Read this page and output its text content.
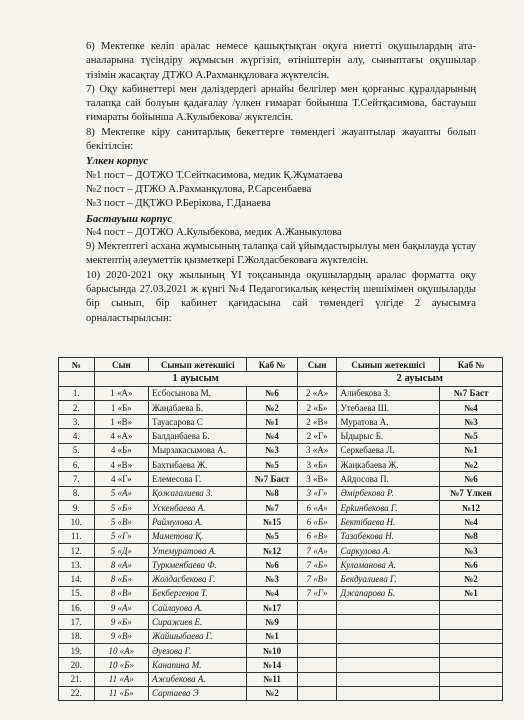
6) Мектепке келіп аралас немесе қашықтықтан оқуға ниетті оқушылардың ата-аналарына түсіндіру жұмысын жүргізіп, өтініштерін алу, сыныптағы оқушылар тізімін жасақтау ДТЖО А.Рахманқұловаға жүктелсін.

7) Оқу кабинеттері мен дәліздердегі арнайы белгілер мен қорғаныс құралдарының талапқа сай болуын қадағалау /үлкен ғимарат бойынша Т.Сейтқасимова, бастауыш ғимараты бойынша А.Кулыбекова/ жүктелсін.

8) Мектепке кіру санитарлық бекеттерге төмендегі жауаптылар жауапты болып бекітілсін:

Үлкен корпус

№1 пост – ДОТЖО Т.Сейткасимова, медик Қ.Жұматаева

№2 пост – ДТЖО А.Рахманқұлова, Р.Сарсенбаева

№3 пост – ДҚТЖО Р.Берікова, Г.Данаева

Бастауыш корпус

№4 пост – ДОТЖО А.Кулыбекова, медик А.Жаныкулова

9) Мектептегі асхана жұмысының талапқа сай ұйымдастырылуы мен бақылауда ұстау мектептің әлеуметтік қызметкері Г.Жолдасбековаға жүктелсін.

10) 2020-2021 оқу жылының YI тоқсанында оқушылардың аралас форматта оқу барысында 27.03.2021 ж күнгі №4 Педагогикалық кеңестің шешімімен оқушыларды бір сынып, бір кабинет қағидасына сай төмендегі үлгіде 2 ауысымға орналастырылсын:

№	Сын	Сынып жетекшісі	Каб №	Сын	Сынып жетекшісі	Каб №
	1 ауысым				2 ауысым	
1.	1 «А»	Есбосынова М.	№6	2 «А»	Алибекова З.	№7 Баст
2.	1 «Б»	Жаңабаева Б.	№2	2 «Б»	Утебаева Ш.	№4
3.	1 «В»	Тауасарова С	№1	2 «В»	Муратова А.	№3
4.	4 «А»	Балданбаева Б.	№4	2 «Г»	Ыдырыс Б.	№5
5.	4 «Б»	Мырзакасымова А.	№3	3 «А»	Серкебаева Л.	№1
6.	4 «В»	Бахтибаева Ж.	№5	3 «Б»	Жаңкабаева Ж.	№2
7.	4 «Г»	Елемесова Г.	№7 Баст	3 «В»	Айдосова П.	№6
8.	5 «А»	Қожағалиева З.	№8	3 «Г»	Әмірбекова Р.	№7 Үлкен
9.	5 «Б»	Ускенбаева А.	№7	6 «А»	Ерkинбекова Г.	№12
10.	5 «В»	Раймулова А.	№15	6 «Б»	Бектібаева Н.	№4
11.	5 «Г»	Маметова Қ.	№5	6 «В»	Тазабекова Н.	№8
12.	5 «Д»	Утемуратова А.	№12	7 «А»	Саркулова А.	№3
13.	8 «А»	Туркменбаева Ф.	№6	7 «Б»	Куламанова А.	№6
14.	8 «Б»	Жолдасбекова Г.	№3	7 «В»	Бекдуалиева Г.	№2
15.	8 «В»	Бекбергенов Т.	№4	7 «Г»	Джапарова Б.	№1
16.	9 «А»	Сайлауова А.	№17			
17.	9 «Б»	Сиражиев Е.	№9			
18.	9 «В»	Жайшыбаева Г.	№1			
19.	10 «А»	Әуезова Г.	№10			
20.	10 «Б»	Канапина М.	№14			
21.	11 «А»	Ажибекова А.	№11			
22.	11 «Б»	Сартаева Э	№2			
